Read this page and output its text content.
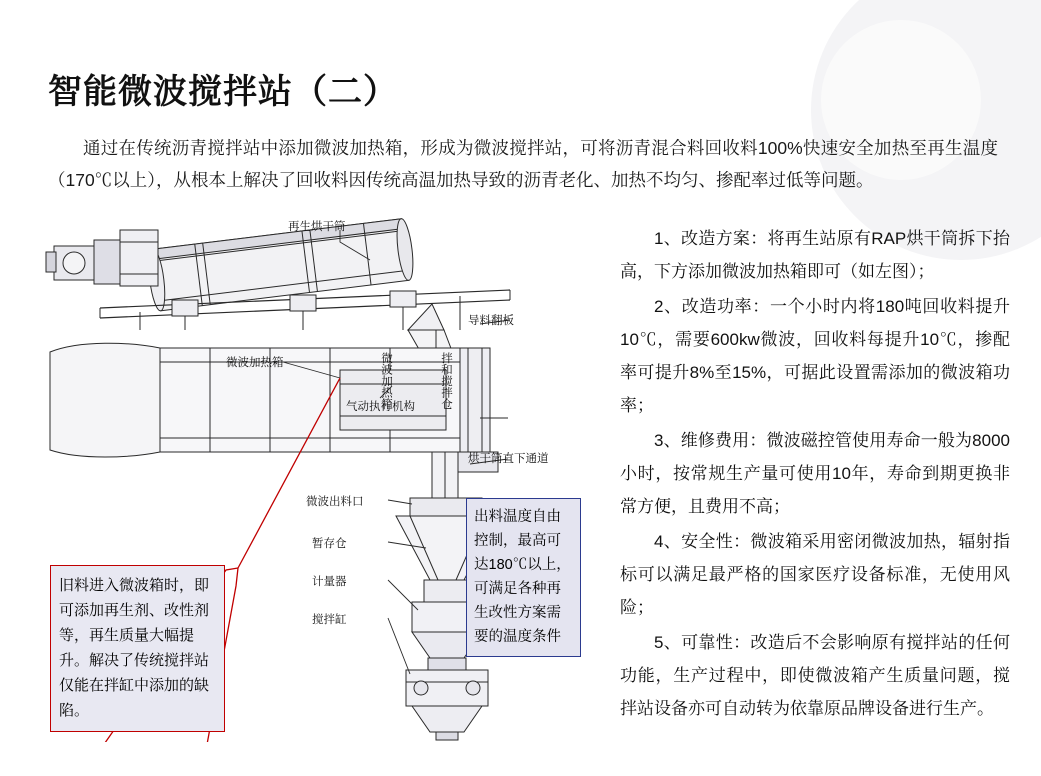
智能微波搅拌站（二）
通过在传统沥青搅拌站中添加微波加热箱，形成为微波搅拌站，可将沥青混合料回收料100%快速安全加热至再生温度（170℃以上），从根本上解决了回收料因传统高温加热导致的沥青老化、加热不均匀、掺配率过低等问题。
再生烘干筒
导料翻板
微波加热箱	微波加热箱	拌和搅拌仓
气动执行机构
烘干筒直下通道
微波出料口
暂存仓
计量器
搅拌缸
旧料进入微波箱时，即可添加再生剂、改性剂等，再生质量大幅提升。解决了传统搅拌站仅能在拌缸中添加的缺陷。
出料温度自由控制，最高可达180℃以上，可满足各种再生改性方案需要的温度条件

1、改造方案：将再生站原有RAP烘干筒拆下抬高，下方添加微波加热箱即可（如左图）；

2、改造功率：一个小时内将180吨回收料提升10℃，需要600kw微波，回收料每提升10℃，掺配率可提升8%至15%，可据此设置需添加的微波箱功率；

3、维修费用：微波磁控管使用寿命一般为8000小时，按常规生产量可使用10年，寿命到期更换非常方便，且费用不高；

4、安全性：微波箱采用密闭微波加热，辐射指标可以满足最严格的国家医疗设备标准，无使用风险；

5、可靠性：改造后不会影响原有搅拌站的任何功能，生产过程中，即使微波箱产生质量问题，搅拌站设备亦可自动转为依靠原品牌设备进行生产。
